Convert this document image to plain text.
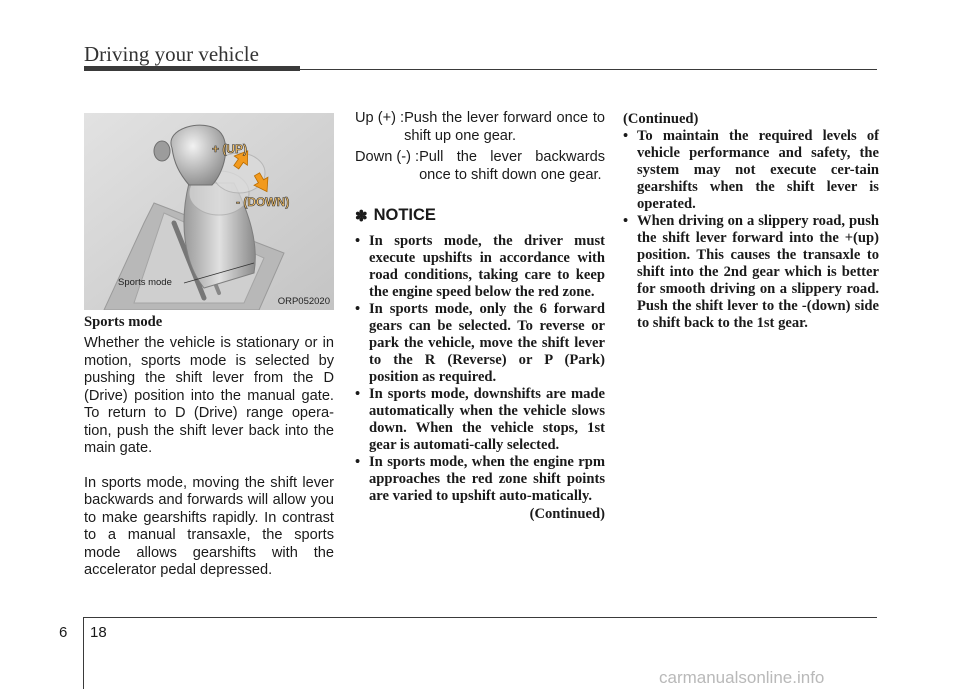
Driving your vehicle
+ (UP)
- (DOWN)
Sports mode
ORP052020

Sports mode

Whether the vehicle is stationary or in motion, sports mode is selected by pushing the shift lever from the D (Drive) position into the manual gate. To return to D (Drive) range opera-tion, push the shift lever back into the main gate.

In sports mode, moving the shift lever backwards and forwards will allow you to make gearshifts rapidly. In contrast to a manual transaxle, the sports mode allows gearshifts with the accelerator pedal depressed.

Up (+) : Push the lever forward once to shift up one gear.
Down (-) : Pull the lever backwards once to shift down one gear.
✽ NOTICE
• In sports mode, the driver must execute upshifts in accordance with road conditions, taking care to keep the engine speed below the red zone.
• In sports mode, only the 6 forward gears can be selected. To reverse or park the vehicle, move the shift lever to the R (Reverse) or P (Park) position as required.
• In sports mode, downshifts are made automatically when the vehicle slows down. When the vehicle stops, 1st gear is automati-cally selected.
• In sports mode, when the engine rpm approaches the red zone shift points are varied to upshift auto-matically.
(Continued)
(Continued)
• To maintain the required levels of vehicle performance and safety, the system may not execute cer-tain gearshifts when the shift lever is operated.
• When driving on a slippery road, push the shift lever forward into the +(up) position. This causes the transaxle to shift into the 2nd gear which is better for smooth driving on a slippery road. Push the shift lever to the -(down) side to shift back to the 1st gear.
6 18
carmanualsonline.info
